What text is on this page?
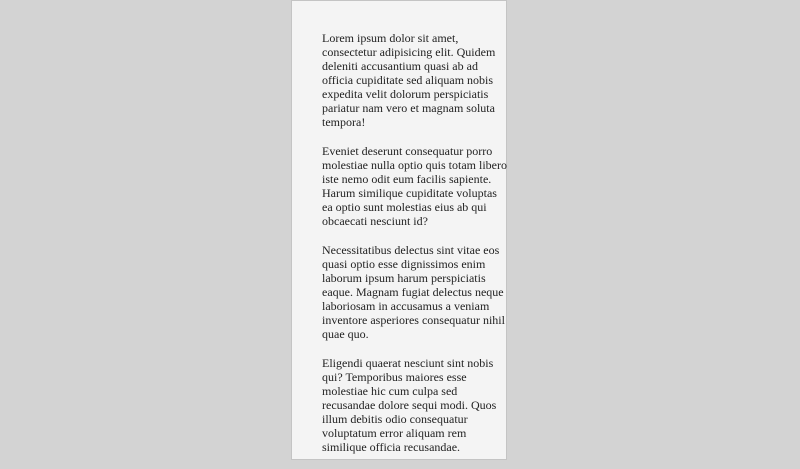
Lorem ipsum dolor sit amet,
consectetur adipisicing elit. Quidem
deleniti accusantium quasi ab ad
officia cupiditate sed aliquam nobis
expedita velit dolorum perspiciatis
pariatur nam vero et magnam soluta
tempora!

Eveniet deserunt consequatur porro
molestiae nulla optio quis totam libero
iste nemo odit eum facilis sapiente.
Harum similique cupiditate voluptas
ea optio sunt molestias eius ab qui
obcaecati nesciunt id?

Necessitatibus delectus sint vitae eos
quasi optio esse dignissimos enim
laborum ipsum harum perspiciatis
eaque. Magnam fugiat delectus neque
laboriosam in accusamus a veniam
inventore asperiores consequatur nihil
quae quo.

Eligendi quaerat nesciunt sint nobis
qui? Temporibus maiores esse
molestiae hic cum culpa sed
recusandae dolore sequi modi. Quos
illum debitis odio consequatur
voluptatum error aliquam rem
similique officia recusandae.
